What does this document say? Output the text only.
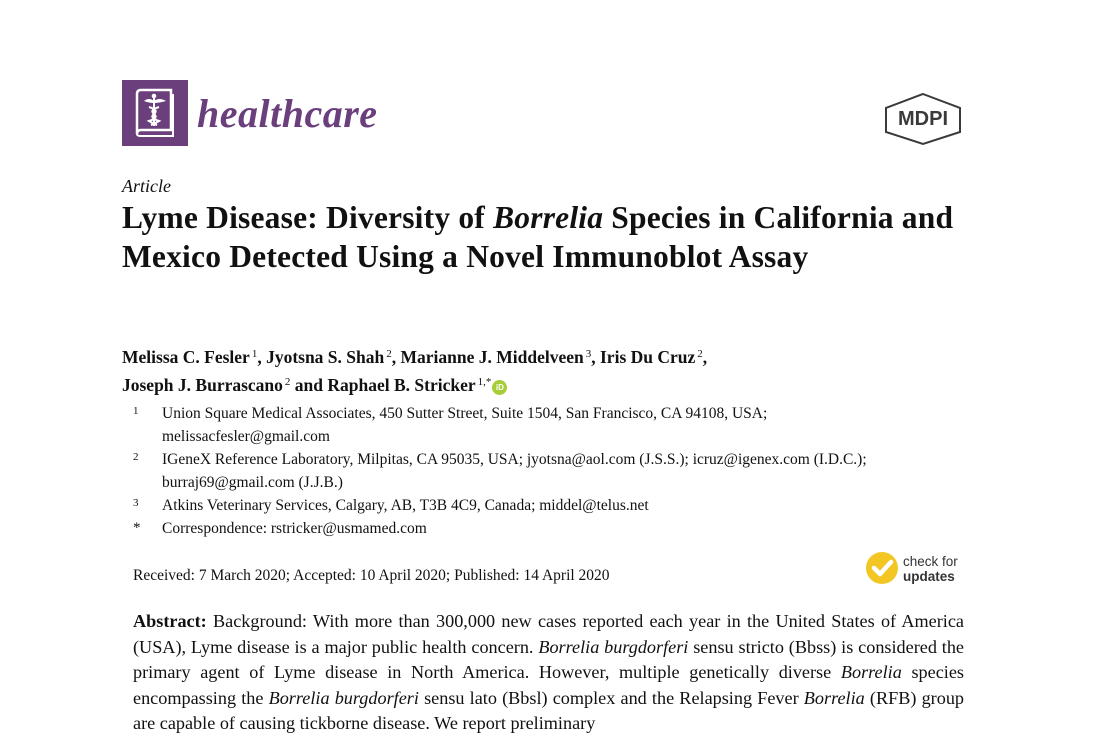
healthcare	MDPI
Article
Lyme Disease: Diversity of Borrelia Species in California and Mexico Detected Using a Novel Immunoblot Assay
Melissa C. Fesler $^1$, Jyotsna S. Shah $^2$, Marianne J. Middelveen $^3$, Iris Du Cruz $^2$,
Joseph J. Burrascano $^2$ and Raphael B. Stricker $^{1,*}$ iD
1	Union Square Medical Associates, 450 Sutter Street, Suite 1504, San Francisco, CA 94108, USA;
melissacfesler@gmail.com
2	IGeneX Reference Laboratory, Milpitas, CA 95035, USA; jyotsna@aol.com (J.S.S.); icruz@igenex.com (I.D.C.);
burraj69@gmail.com (J.J.B.)
3	Atkins Veterinary Services, Calgary, AB, T3B 4C9, Canada; middel@telus.net
*	Correspondence: rstricker@usmamed.com
Received: 7 March 2020; Accepted: 10 April 2020; Published: 14 April 2020
check for
updates

Abstract: Background: With more than 300,000 new cases reported each year in the United States of America (USA), Lyme disease is a major public health concern. Borrelia burgdorferi sensu stricto (Bbss) is considered the primary agent of Lyme disease in North America. However, multiple genetically diverse Borrelia species encompassing the Borrelia burgdorferi sensu lato (Bbsl) complex and the Relapsing Fever Borrelia (RFB) group are capable of causing tickborne disease. We report preliminary
